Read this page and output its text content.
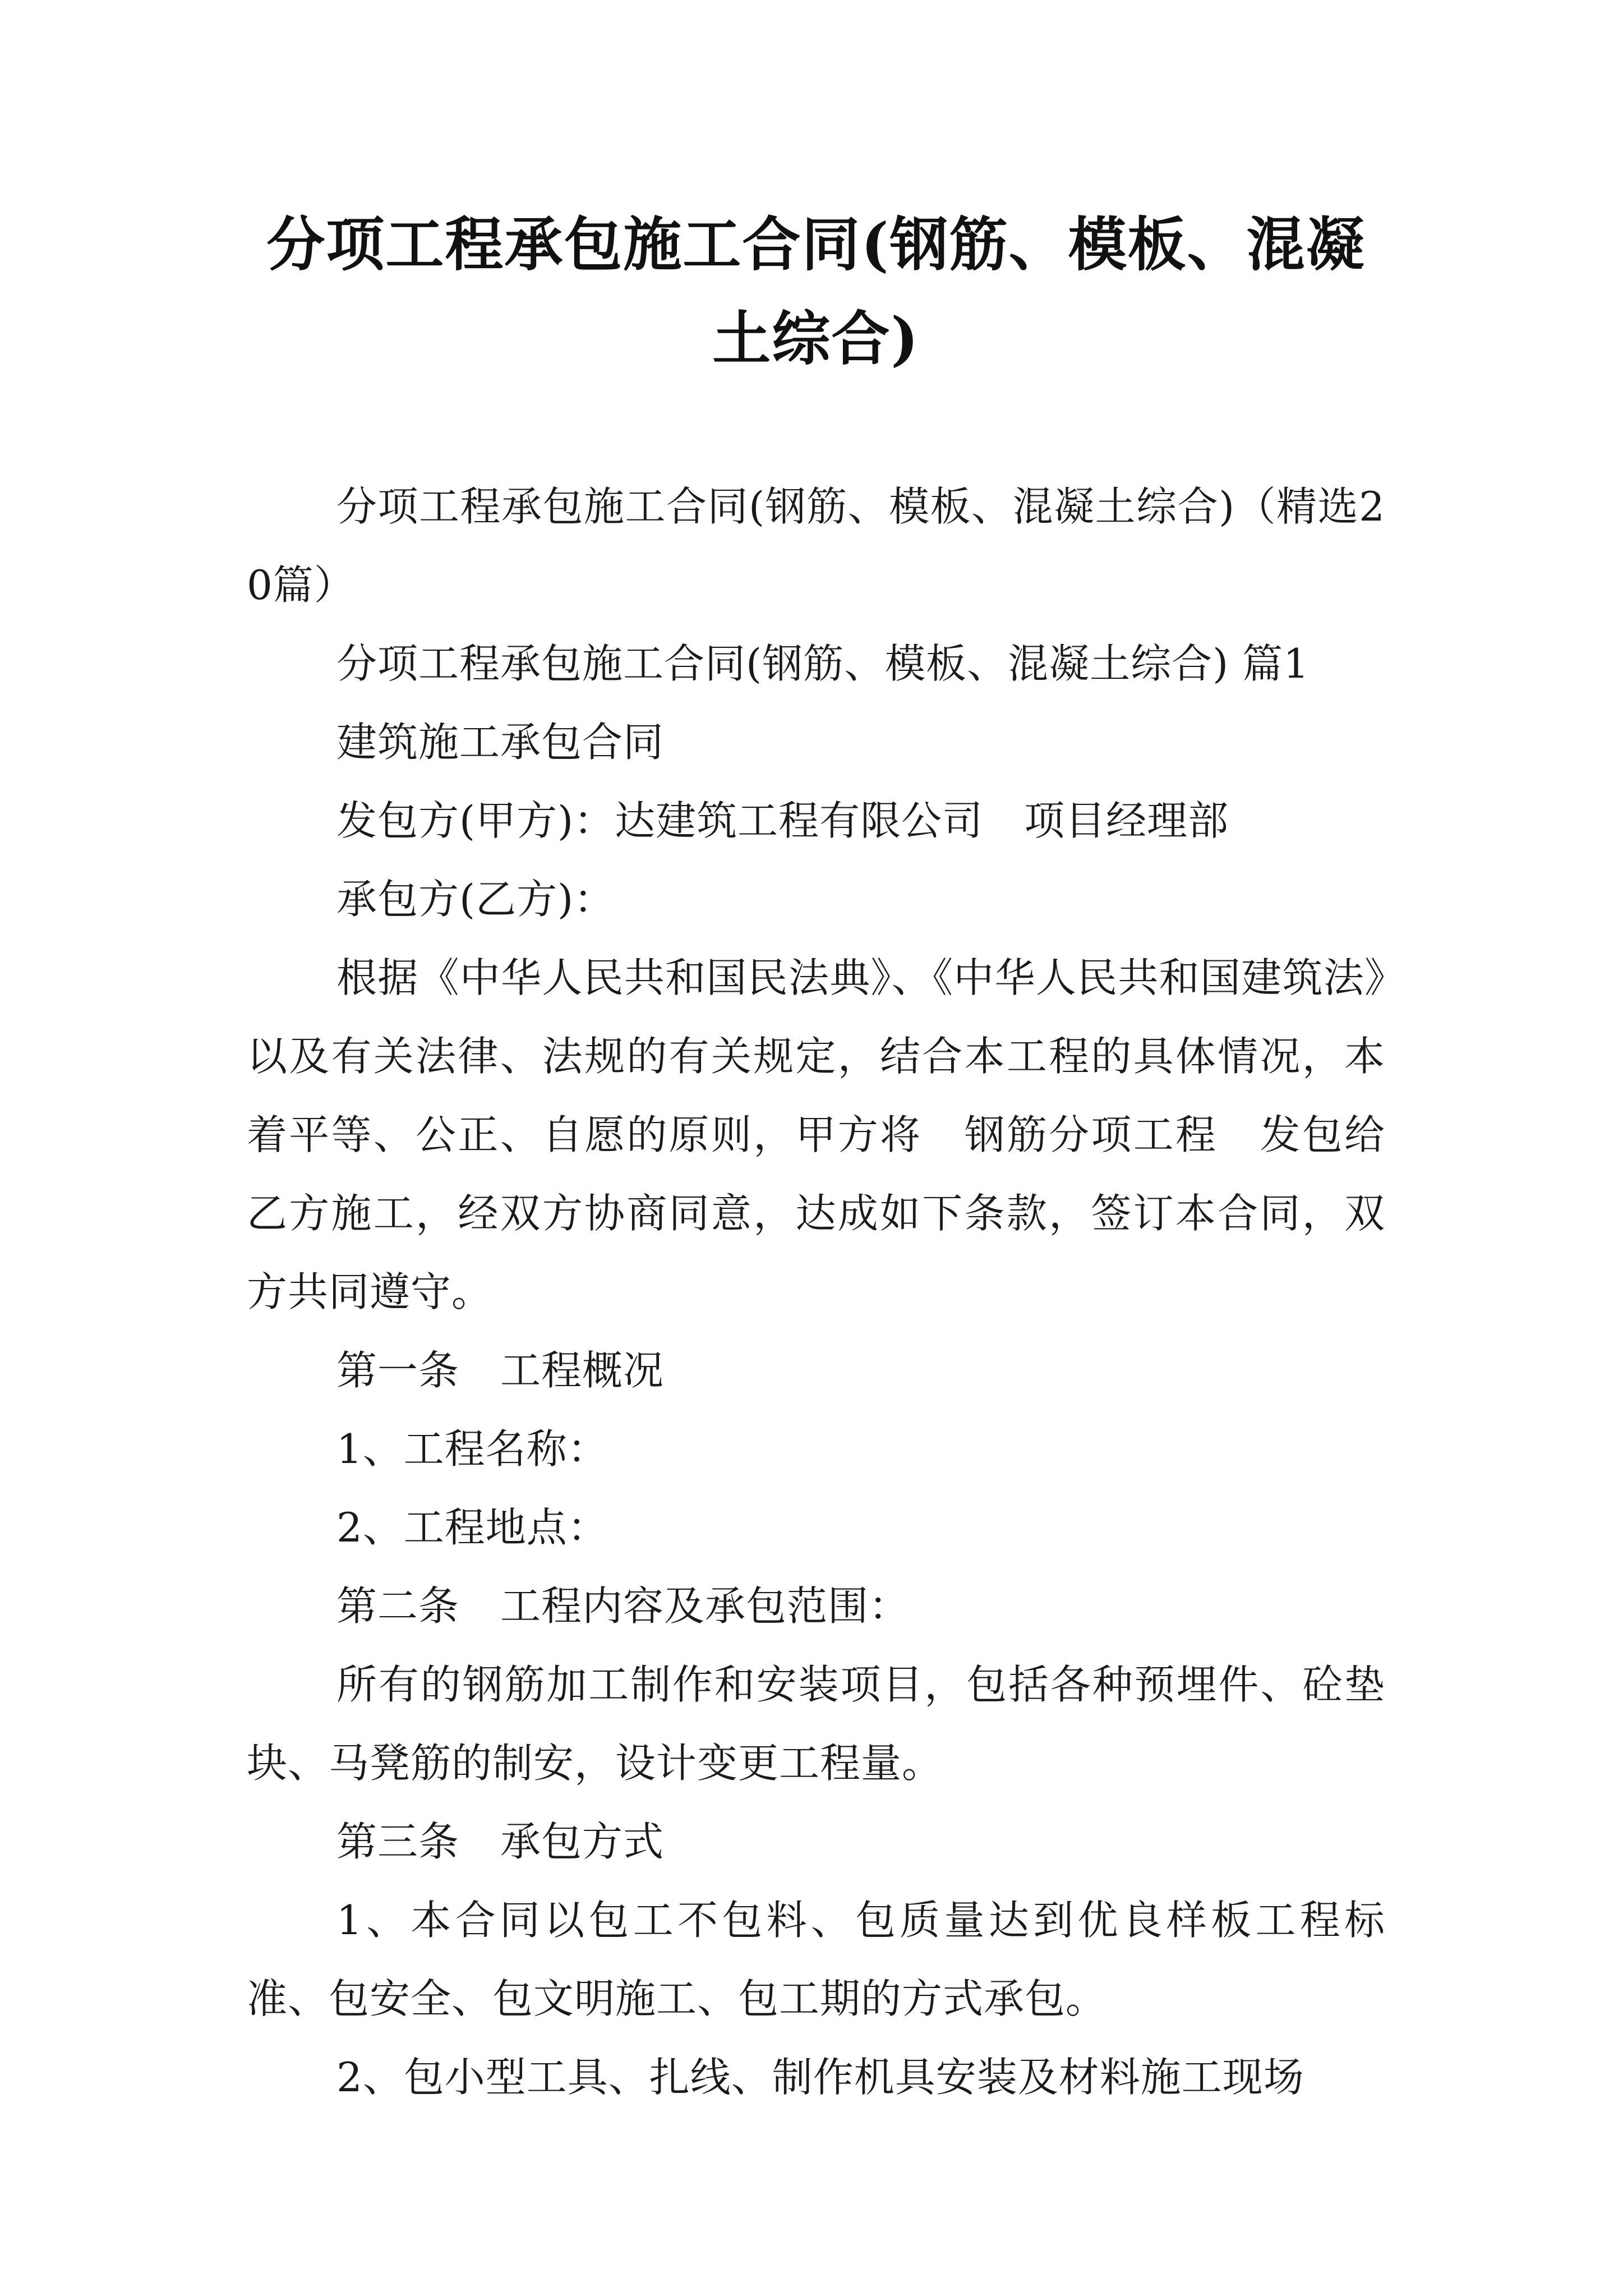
分项工程承包施工合同(钢筋、模板、混凝
土综合)

分项工程承包施工合同(钢筋、模板、混凝土综合)（精选20篇）

分项工程承包施工合同(钢筋、模板、混凝土综合) 篇1

建筑施工承包合同

发包方(甲方)：达建筑工程有限公司　项目经理部

承包方(乙方)：

根据《中华人民共和国民法典》、《中华人民共和国建筑法》以及有关法律、法规的有关规定，结合本工程的具体情况，本着平等、公正、自愿的原则，甲方将　钢筋分项工程　发包给乙方施工，经双方协商同意，达成如下条款，签订本合同，双方共同遵守。

第一条　工程概况

1、工程名称：

2、工程地点：

第二条　工程内容及承包范围：

所有的钢筋加工制作和安装项目，包括各种预埋件、砼垫块、马凳筋的制安，设计变更工程量。

第三条　承包方式

1、本合同以包工不包料、包质量达到优良样板工程标准、包安全、包文明施工、包工期的方式承包。

2、包小型工具、扎线、制作机具安装及材料施工现场
